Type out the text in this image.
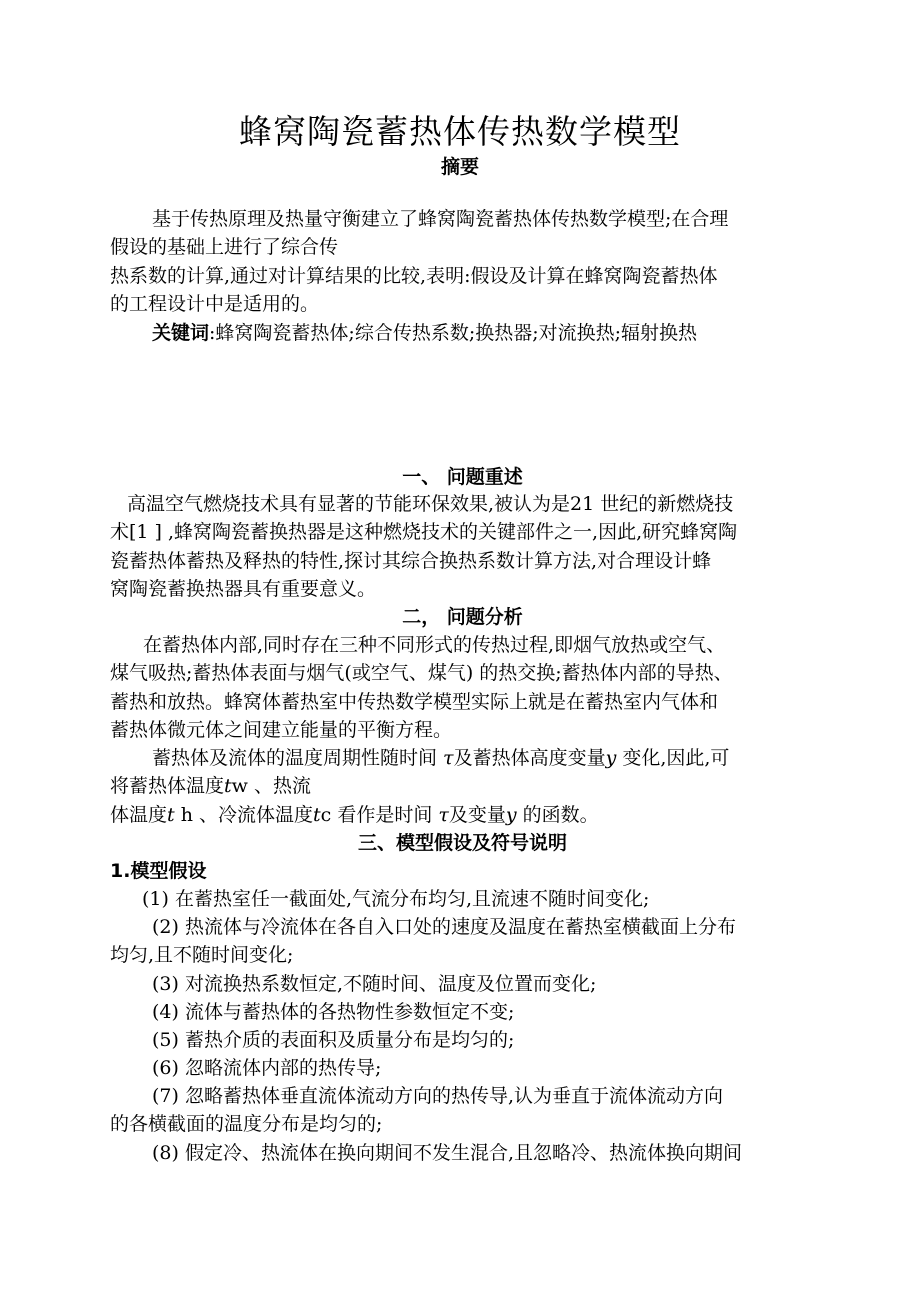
蜂窝陶瓷蓄热体传热数学模型
摘要
基于传热原理及热量守衡建立了蜂窝陶瓷蓄热体传热数学模型;在合理
假设的基础上进行了综合传
热系数的计算,通过对计算结果的比较,表明:假设及计算在蜂窝陶瓷蓄热体
的工程设计中是适用的。
关键词:蜂窝陶瓷蓄热体;综合传热系数;换热器;对流换热;辐射换热
一、 问题重述
高温空气燃烧技术具有显著的节能环保效果,被认为是21 世纪的新燃烧技
术[1 ] ,蜂窝陶瓷蓄换热器是这种燃烧技术的关键部件之一,因此,研究蜂窝陶
瓷蓄热体蓄热及释热的特性,探讨其综合换热系数计算方法,对合理设计蜂
窝陶瓷蓄换热器具有重要意义。
二， 问题分析
在蓄热体内部,同时存在三种不同形式的传热过程,即烟气放热或空气、
煤气吸热;蓄热体表面与烟气(或空气、煤气) 的热交换;蓄热体内部的导热、
蓄热和放热。蜂窝体蓄热室中传热数学模型实际上就是在蓄热室内气体和
蓄热体微元体之间建立能量的平衡方程。
蓄热体及流体的温度周期性随时间 τ及蓄热体高度变量y 变化,因此,可
将蓄热体温度tw 、热流
体温度t h 、冷流体温度tc 看作是时间 τ及变量y 的函数。
三、模型假设及符号说明
1.模型假设
(1) 在蓄热室任一截面处,气流分布均匀,且流速不随时间变化;
(2) 热流体与冷流体在各自入口处的速度及温度在蓄热室横截面上分布
均匀,且不随时间变化;
(3) 对流换热系数恒定,不随时间、温度及位置而变化;
(4) 流体与蓄热体的各热物性参数恒定不变;
(5) 蓄热介质的表面积及质量分布是均匀的;
(6) 忽略流体内部的热传导;
(7) 忽略蓄热体垂直流体流动方向的热传导,认为垂直于流体流动方向
的各横截面的温度分布是均匀的;
(8) 假定冷、热流体在换向期间不发生混合,且忽略冷、热流体换向期间
